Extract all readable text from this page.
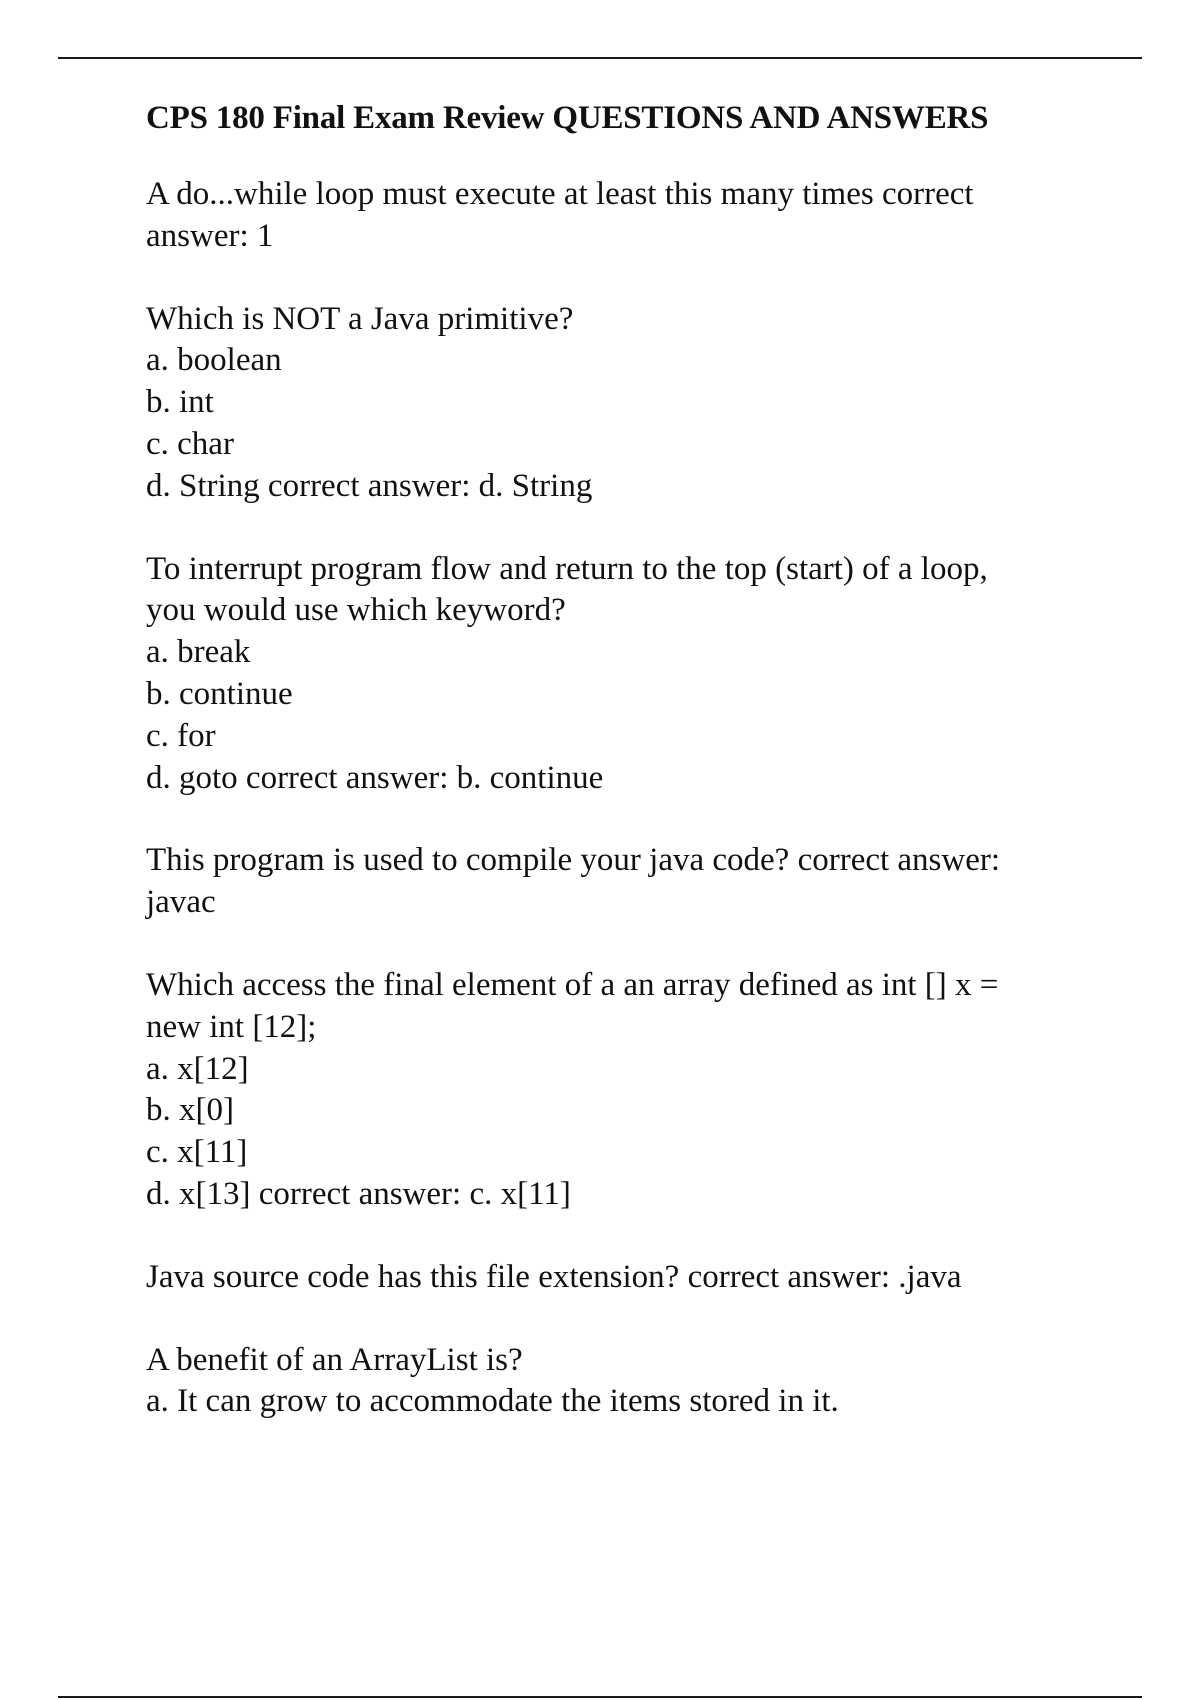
CPS 180 Final Exam Review QUESTIONS AND ANSWERS
A do...while loop must execute at least this many times correct
answer: 1
Which is NOT a Java primitive?
a. boolean
b. int
c. char
d. String correct answer: d. String
To interrupt program flow and return to the top (start) of a loop,
you would use which keyword?
a. break
b. continue
c. for
d. goto correct answer: b. continue
This program is used to compile your java code? correct answer:
javac
Which access the final element of a an array defined as int [] x =
new int [12];
a. x[12]
b. x[0]
c. x[11]
d. x[13] correct answer: c. x[11]
Java source code has this file extension? correct answer: .java
A benefit of an ArrayList is?
a. It can grow to accommodate the items stored in it.
